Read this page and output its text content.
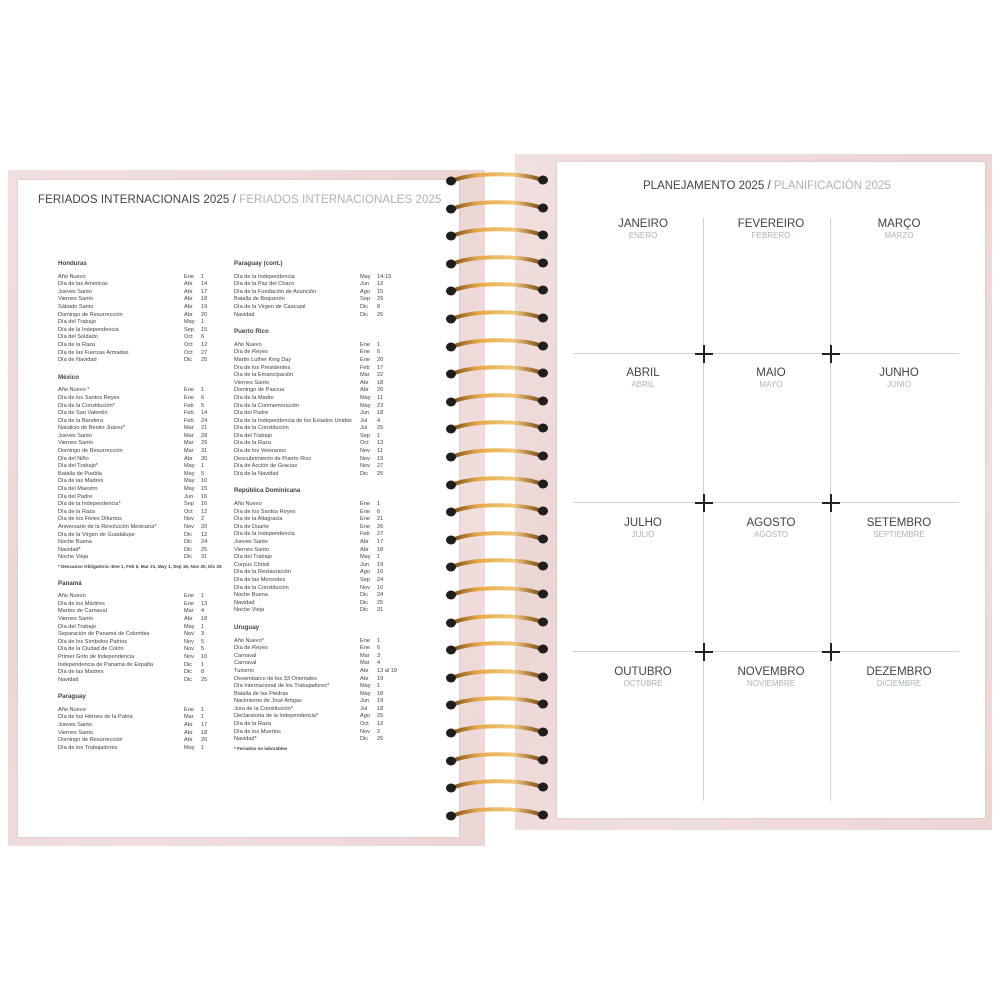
FERIADOS INTERNACIONAIS 2025 / FERIADOS INTERNACIONALES 2025
Honduras
Año Nuevo	Ene	1
Día de las Américas	Abr	14
Jueves Santo	Abr	17
Viernes Santo	Abr	18
Sábado Santo	Abr	19
Domingo de Resurrección	Abr	20
Día del Trabajo	May	1
Día de la Independencia	Sep	15
Día del Soldado	Oct	6
Día de la Raza	Oct	12
Día de las Fuerzas Armadas	Oct	27
Día de Navidad	Dic	25
México
Año Nuevo *	Ene	1
Día de los Santos Reyes	Ene	6
Día de la Constitución*	Feb	5
Día de San Valentín	Feb	14
Día de la Bandera	Feb	24
Natalicio de Benito Juárez*	Mar	21
Jueves Santo	Mar	28
Viernes Santo	Mar	29
Domingo de Resurrección	Mar	31
Día del Niño	Abr	30
Día del Trabajo*	May	1
Batalla de Puebla	May	5
Día de las Madres	May	10
Día del Maestro	May	15
Día del Padre	Jun	16
Día de la Independencia*	Sep	16
Día de la Raza	Oct	12
Día de los Fieles Difuntos	Nov	2
Aniversario de la Revolución Mexicana*	Nov	20
Día de la Virgen de Guadalupe	Dic	12
Noche Buena	Dic	24
Navidad*	Dic	25
Noche Vieja	Dic	31
* Descanso Obligatorio: Ene 1, Feb 5, Mar 21, May 1, Sep 16, Nov 20, Dic 25
Panamá
Año Nuevo	Ene	1
Día de los Mártires	Ene	13
Martes de Carnaval	Mar	4
Viernes Santo	Abr	18
Día del Trabajo	May	1
Separación de Panamá de Colombia	Nov	3
Día de los Símbolos Patrios	Nov	5
Día de la Ciudad de Colón	Nov	5
Primer Grito de Independencia	Nov	10
Independencia de Panamá de España	Dic	1
Día de las Madres	Dic	8
Navidad	Dic	25
Paraguay
Año Nuevo	Ene	1
Día de los Héroes de la Patria	Mar	1
Jueves Santo	Abr	17
Viernes Santo	Abr	18
Domingo de Resurrección	Abr	20
Día de los Trabajadores	May	1
Paraguay (cont.)
Día de la Independencia	May	14-15
Día de la Paz del Chaco	Jun	12
Día de la Fundación de Asunción	Ago	15
Batalla de Boquerón	Sep	29
Día de la Virgen de Caacupé	Dic	8
Navidad	Dic	25
Puerto Rico
Año Nuevo	Ene	1
Día de Reyes	Ene	6
Martin Luther King Day	Ene	20
Día de los Presidentes	Feb	17
Día de la Emancipación	Mar	22
Viernes Santo	Abr	18
Domingo de Pascua	Abr	20
Día de la Madre	May	11
Día de la Conmemoración	May	23
Día del Padre	Jun	18
Día de la Independencia de los Estados Unidos	Jul	4
Día de la Constitución	Jul	25
Día del Trabajo	Sep	1
Día de la Raza	Oct	13
Día de los Veteranos	Nov	11
Descubrimiento de Puerto Rico	Nov	19
Día de Acción de Gracias	Nov	27
Día de la Navidad	Dic	25
República Dominicana
Año Nuevo	Ene	1
Día de los Santos Reyes	Ene	6
Día de la Altagracia	Ene	21
Día de Duarte	Ene	26
Día de la Independencia	Feb	27
Jueves Santo	Abr	17
Viernes Santo	Abr	18
Día del Trabajo	May	1
Corpus Christi	Jun	19
Día de la Restauración	Ago	16
Día de las Mercedes	Sep	24
Día de la Constitución	Nov	10
Noche Buena	Dic	24
Navidad	Dic	25
Noche Vieja	Dic	31
Uruguay
Año Nuevo*	Ene	1
Día de Reyes	Ene	6
Carnaval	Mar	3
Carnaval	Mar	4
Turismo	Abr	13 al 19
Desembarco de los 33 Orientales	Abr	19
Día Internacional de los Trabajadores*	May	1
Batalla de las Piedras	May	18
Nacimiento de José Artigas	Jun	19
Jura de la Constitución*	Jul	18
Declaratoria de la Independencia*	Ago	25
Día de la Raza	Oct	12
Día de los Muertos	Nov	2
Navidad*	Dic	25
* Feriados no laborables
PLANEJAMENTO 2025 / PLANIFICACIÓN 2025
JANEIRO
ENERO
FEVEREIRO
FEBRERO
MARÇO
MARZO
ABRIL
ABRIL
MAIO
MAYO
JUNHO
JUNIO
JULHO
JULIO
AGOSTO
AGOSTO
SETEMBRO
SEPTIEMBRE
OUTUBRO
OCTUBRE
NOVEMBRO
NOVIEMBRE
DEZEMBRO
DICIEMBRE
